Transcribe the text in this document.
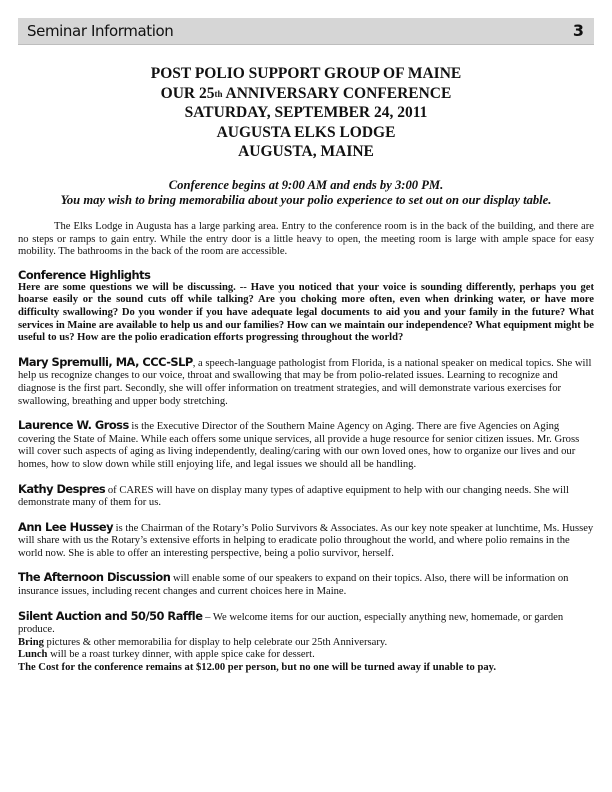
Seminar Information	3
POST POLIO SUPPORT GROUP OF MAINE
OUR 25th ANNIVERSARY CONFERENCE
SATURDAY, SEPTEMBER 24, 2011
AUGUSTA ELKS LODGE
AUGUSTA, MAINE
Conference begins at 9:00 AM and ends by 3:00 PM.
You may wish to bring memorabilia about your polio experience to set out on our display table.

The Elks Lodge in Augusta has a large parking area. Entry to the conference room is in the back of the building, and there are no steps or ramps to gain entry. While the entry door is a little heavy to open, the meeting room is large with ample space for easy mobility. The bathrooms in the back of the room are accessible.

Conference Highlights

Here are some questions we will be discussing. -- Have you noticed that your voice is sounding differently, perhaps you get hoarse easily or the sound cuts off while talking? Are you choking more often, even when drinking water, or have more difficulty swallowing? Do you wonder if you have adequate legal documents to aid you and your family in the future? What services in Maine are available to help us and our families? How can we maintain our independence? What equipment might be useful to us? How are the polio eradication efforts progressing throughout the world?

Mary Spremulli, MA, CCC-SLP, a speech-language pathologist from Florida, is a national speaker on medical topics. She will help us recognize changes to our voice, throat and swallowing that may be from polio-related issues. Learning to recognize and diagnose is the first part. Secondly, she will offer information on treatment strategies, and will demonstrate various exercises for swallowing, breathing and upper body stretching.

Laurence W. Gross is the Executive Director of the Southern Maine Agency on Aging. There are five Agencies on Aging covering the State of Maine. While each offers some unique services, all provide a huge resource for senior citizen issues. Mr. Gross will cover such aspects of aging as living independently, dealing/caring with our own loved ones, how to organize our lives and our homes, how to slow down while still enjoying life, and legal issues we should all be handling.

Kathy Despres of CARES will have on display many types of adaptive equipment to help with our changing needs. She will demonstrate many of them for us.

Ann Lee Hussey is the Chairman of the Rotary’s Polio Survivors & Associates. As our key note speaker at lunchtime, Ms. Hussey will share with us the Rotary’s extensive efforts in helping to eradicate polio throughout the world, and where polio remains in the world now. She is able to offer an interesting perspective, being a polio survivor, herself.

The Afternoon Discussion will enable some of our speakers to expand on their topics. Also, there will be information on insurance issues, including recent changes and current choices here in Maine.

Silent Auction and 50/50 Raffle – We welcome items for our auction, especially anything new, homemade, or garden produce.

Bring pictures & other memorabilia for display to help celebrate our 25th Anniversary.

Lunch will be a roast turkey dinner, with apple spice cake for dessert.

The Cost for the conference remains at $12.00 per person, but no one will be turned away if unable to pay.
